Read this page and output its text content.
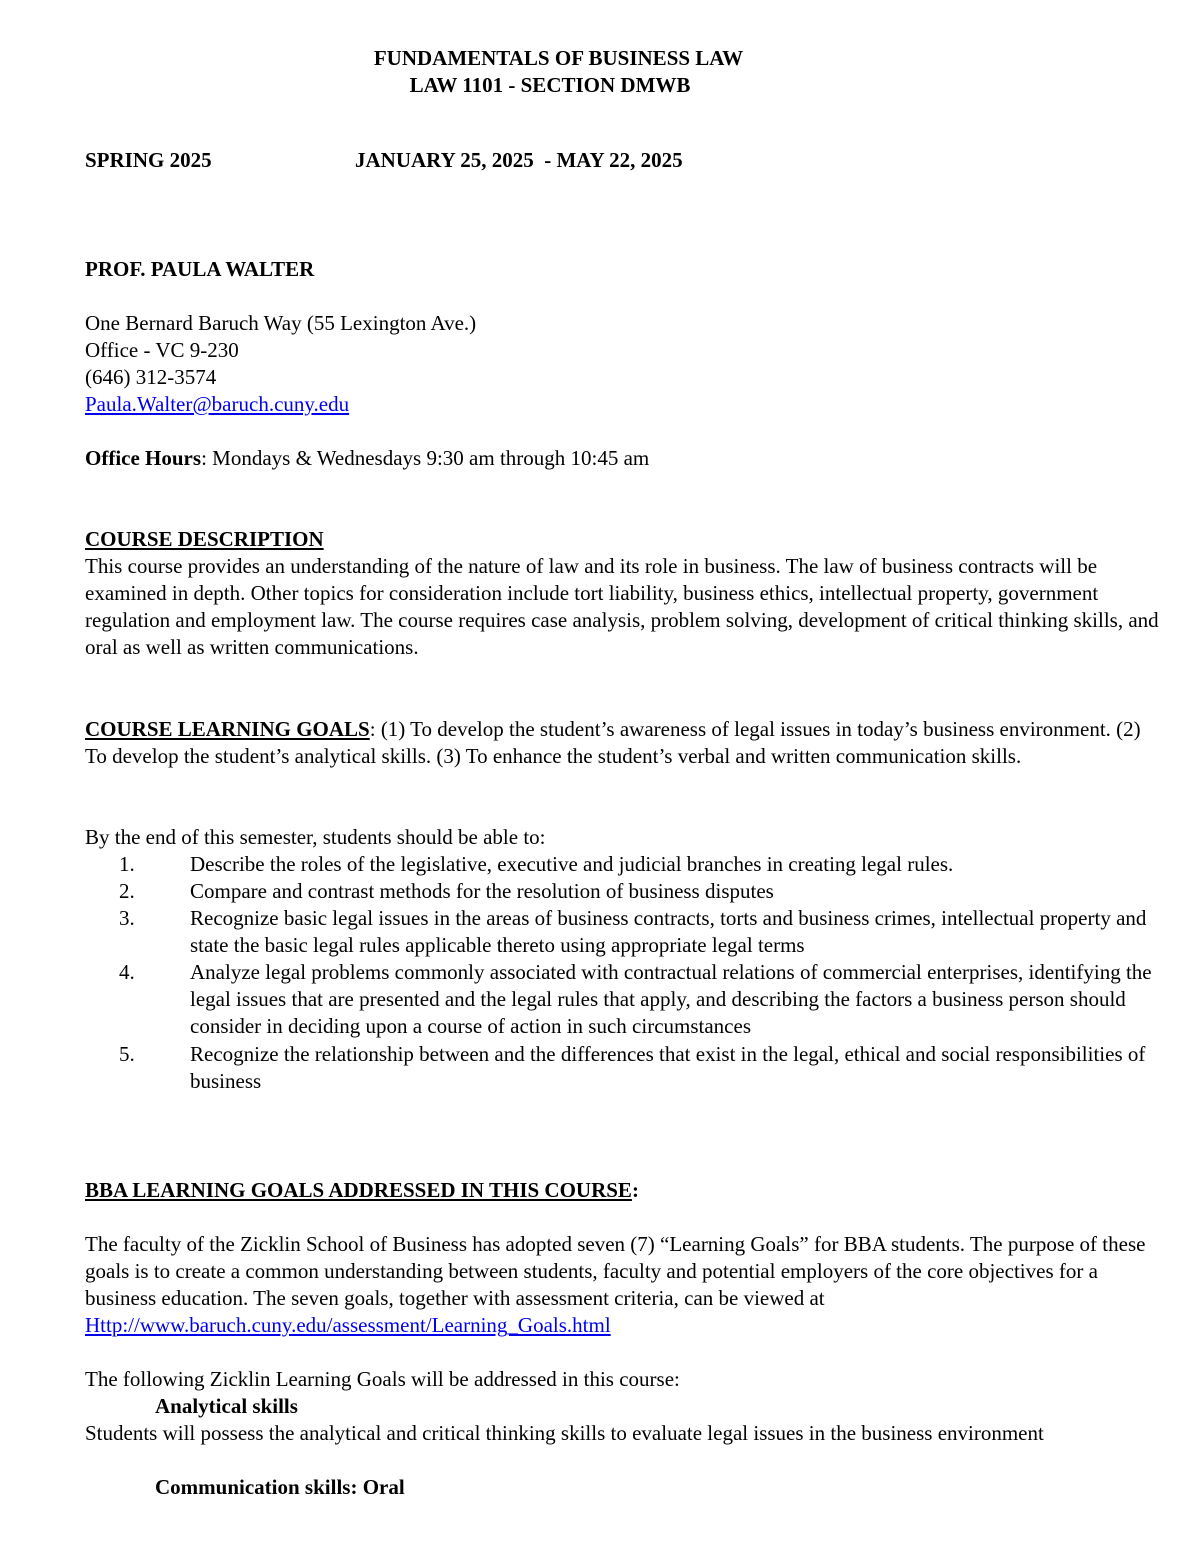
FUNDAMENTALS OF BUSINESS LAW
LAW 1101 - SECTION DMWB
SPRING 2025	JANUARY 25, 2025  - MAY 22, 2025
PROF. PAULA WALTER
One Bernard Baruch Way (55 Lexington Ave.)
Office - VC 9-230
(646) 312-3574
Paula.Walter@baruch.cuny.edu
Office Hours: Mondays & Wednesdays 9:30 am through 10:45 am
COURSE DESCRIPTION
This course provides an understanding of the nature of law and its role in business. The law of business contracts will be examined in depth. Other topics for consideration include tort liability, business ethics, intellectual property, government regulation and employment law. The course requires case analysis, problem solving, development of critical thinking skills, and oral as well as written communications.
COURSE LEARNING GOALS: (1) To develop the student’s awareness of legal issues in today’s business environment. (2) To develop the student’s analytical skills. (3) To enhance the student’s verbal and written communication skills.
By the end of this semester, students should be able to:
1.	Describe the roles of the legislative, executive and judicial branches in creating legal rules.
2.	Compare and contrast methods for the resolution of business disputes
3.	Recognize basic legal issues in the areas of business contracts, torts and business crimes, intellectual property and state the basic legal rules applicable thereto using appropriate legal terms
4.	Analyze legal problems commonly associated with contractual relations of commercial enterprises, identifying the legal issues that are presented and the legal rules that apply, and describing the factors a business person should consider in deciding upon a course of action in such circumstances
5.	Recognize the relationship between and the differences that exist in the legal, ethical and social responsibilities of business
BBA LEARNING GOALS ADDRESSED IN THIS COURSE:
The faculty of the Zicklin School of Business has adopted seven (7) “Learning Goals” for BBA students. The purpose of these goals is to create a common understanding between students, faculty and potential employers of the core objectives for a business education. The seven goals, together with assessment criteria, can be viewed at Http://www.baruch.cuny.edu/assessment/Learning_Goals.html
The following Zicklin Learning Goals will be addressed in this course:
Analytical skills
Students will possess the analytical and critical thinking skills to evaluate legal issues in the business environment
Communication skills: Oral
